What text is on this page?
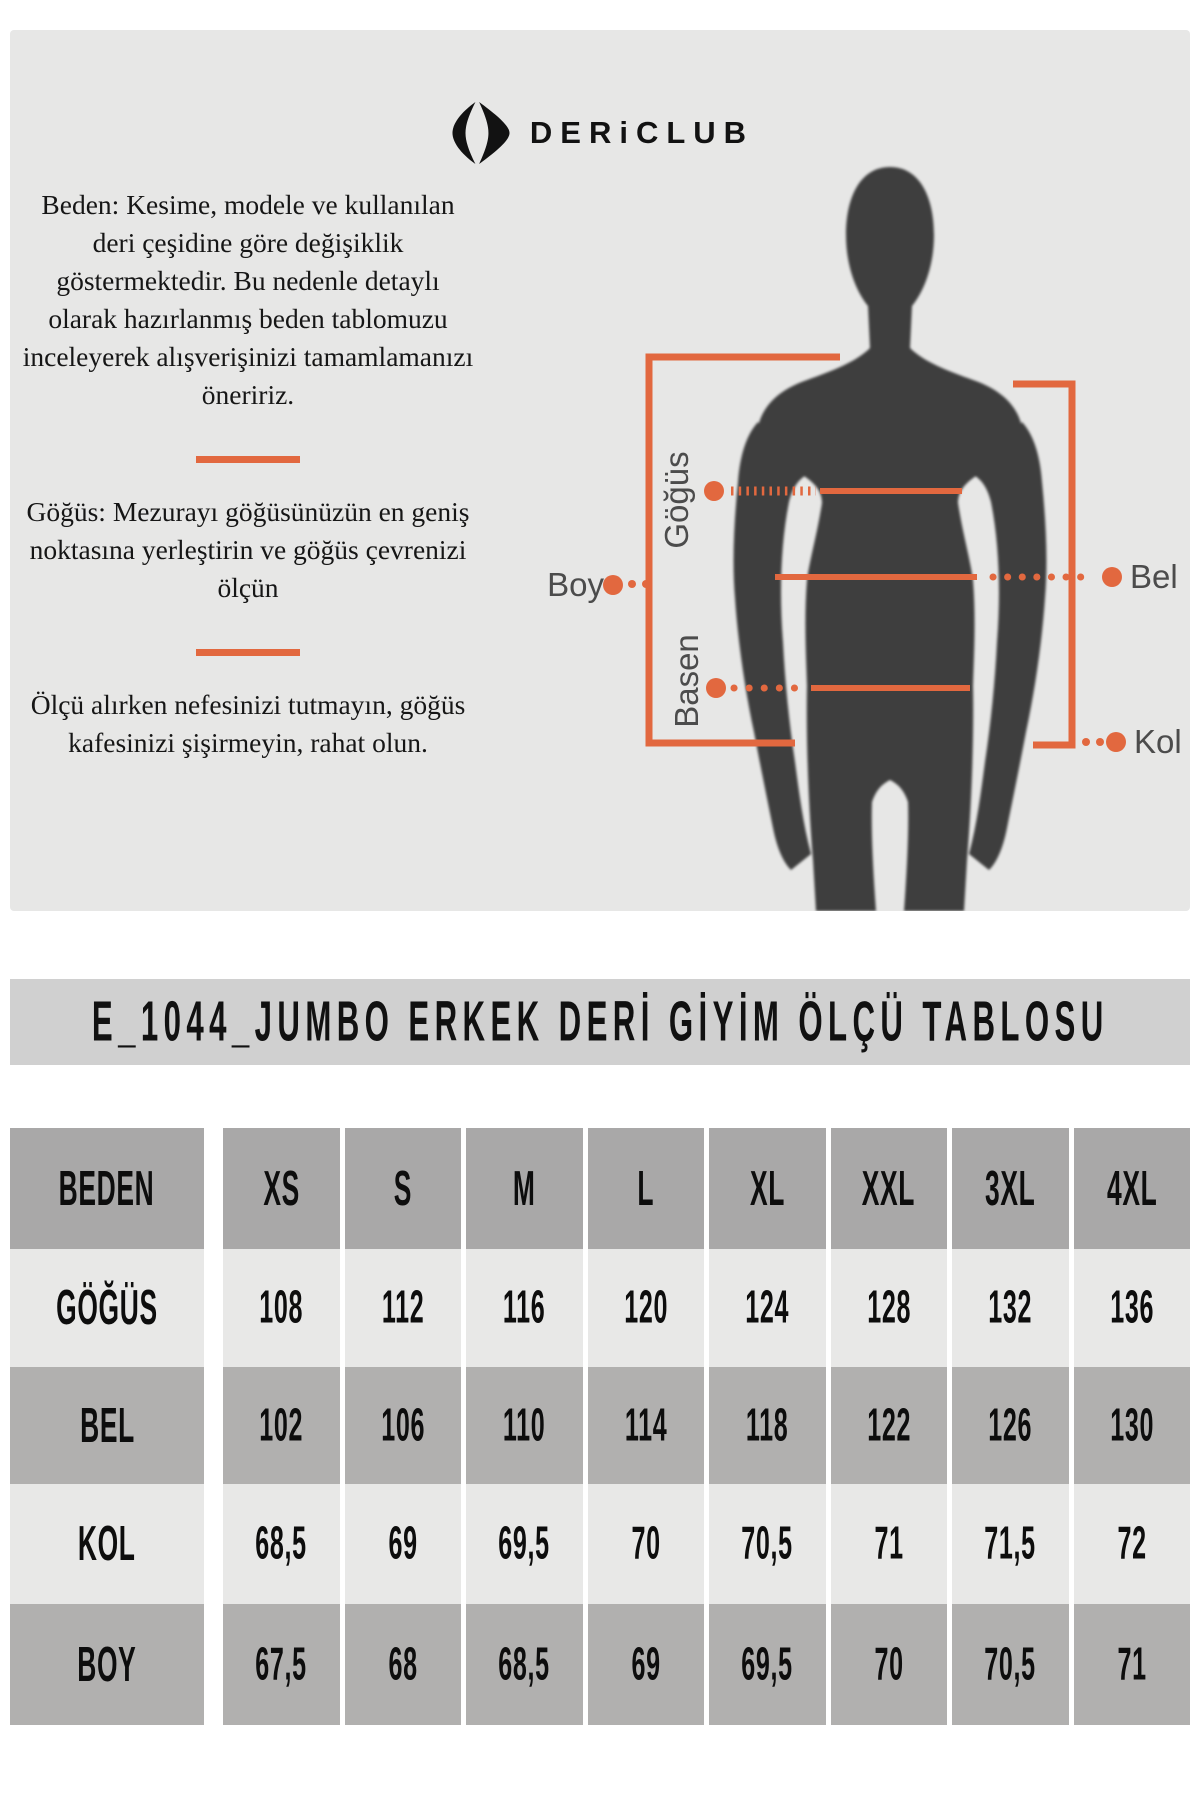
DERiCLUB

Beden: Kesime, modele ve kullanılan deri çeşidine göre değişiklik göstermektedir. Bu nedenle detaylı olarak hazırlanmış beden tablomuzu inceleyerek alışverişinizi tamamlamanızı öneririz.

Göğüs: Mezurayı göğüsünüzün en geniş noktasına yerleştirin ve göğüs çevrenizi ölçün

Ölçü alırken nefesinizi tutmayın, göğüs kafesinizi şişirmeyin, rahat olun.

Boy
Göğüs
Basen
Bel
Kol
E_1044_JUMBO ERKEK DERİ GİYİM ÖLÇÜ TABLOSU
BEDEN	XS S	M	L XL XXL 3XL 4XL
GÖĞÜS	108 112 116 120 124 128 132 136
BEL	102 106 110 114 118 122 126 130
KOL	68,5 69 69,5 70 70,5 71 71,5 72
BOY	67,5 68 68,5 69 69,5 70 70,5 71
